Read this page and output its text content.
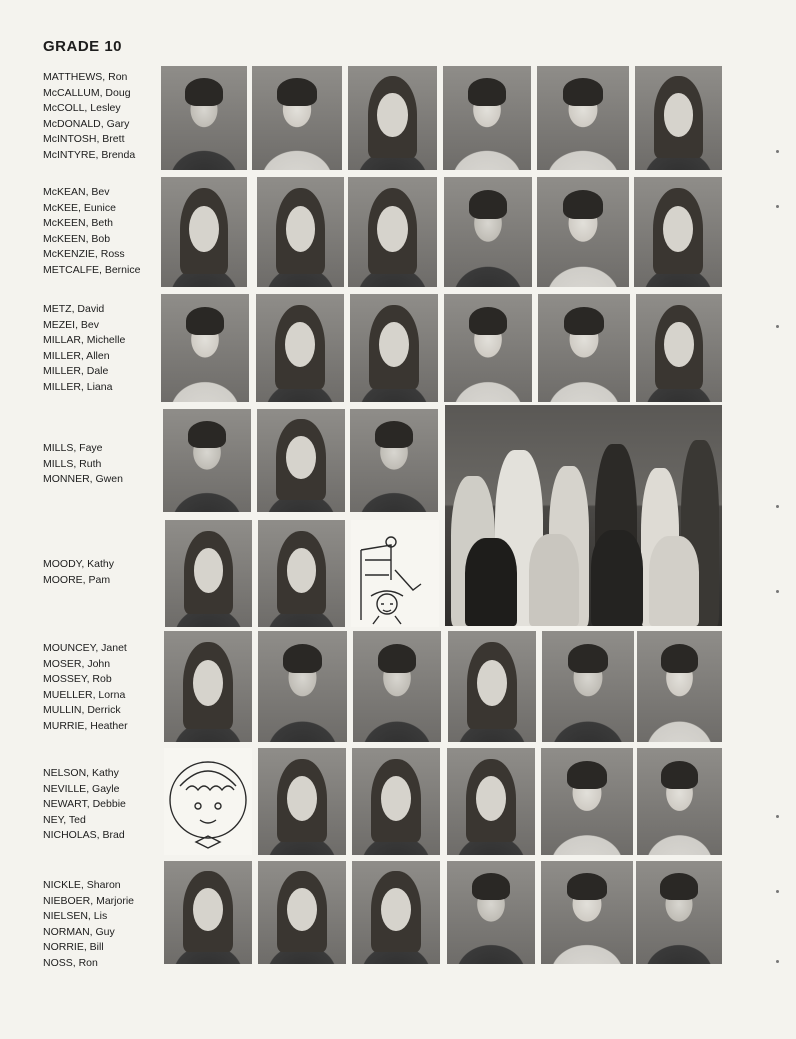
GRADE 10
MATTHEWS, Ron
McCALLUM, Doug
McCOLL, Lesley
McDONALD, Gary
McINTOSH, Brett
McINTYRE, Brenda
McKEAN, Bev
McKEE, Eunice
McKEEN, Beth
McKEEN, Bob
McKENZIE, Ross
METCALFE, Bernice
METZ, David
MEZEI, Bev
MILLAR, Michelle
MILLER, Allen
MILLER, Dale
MILLER, Liana
MILLS, Faye
MILLS, Ruth
MONNER, Gwen
MOODY, Kathy
MOORE, Pam
MOUNCEY, Janet
MOSER, John
MOSSEY, Rob
MUELLER, Lorna
MULLIN, Derrick
MURRIE, Heather
NELSON, Kathy
NEVILLE, Gayle
NEWART, Debbie
NEY, Ted
NICHOLAS, Brad
NICKLE, Sharon
NIEBOER, Marjorie
NIELSEN, Lis
NORMAN, Guy
NORRIE, Bill
NOSS, Ron
